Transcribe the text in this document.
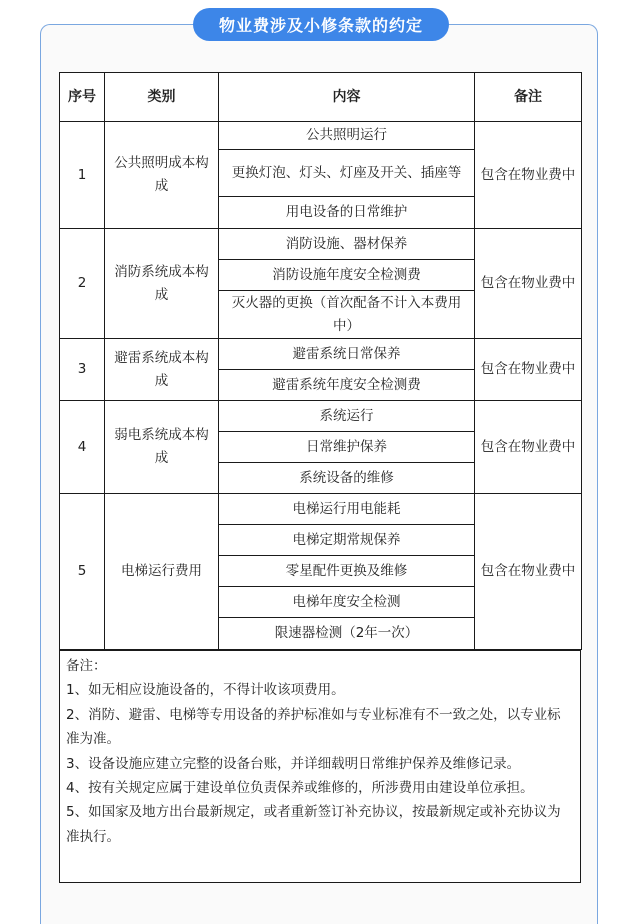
物业费涉及小修条款的约定
序号	类别	内容	备注
1	公共照明成本构成	公共照明运行	包含在物业费中
		更换灯泡、灯头、灯座及开关、插座等	
		用电设备的日常维护	
2	消防系统成本构成	消防设施、器材保养	包含在物业费中
		消防设施年度安全检测费	
		灭火器的更换（首次配备不计入本费用中）	
3	避雷系统成本构成	避雷系统日常保养	包含在物业费中
		避雷系统年度安全检测费	
4	弱电系统成本构成	系统运行	包含在物业费中
		日常维护保养	
		系统设备的维修	
5	电梯运行费用	电梯运行用电能耗	包含在物业费中
		电梯定期常规保养	
		零星配件更换及维修	
		电梯年度安全检测	
		限速器检测（2年一次）	

备注：

1、如无相应设施设备的，不得计收该项费用。

2、消防、避雷、电梯等专用设备的养护标准如与专业标准有不一致之处，以专业标准为准。

3、设备设施应建立完整的设备台账，并详细载明日常维护保养及维修记录。

4、按有关规定应属于建设单位负责保养或维修的，所涉费用由建设单位承担。

5、如国家及地方出台最新规定，或者重新签订补充协议，按最新规定或补充协议为准执行。
